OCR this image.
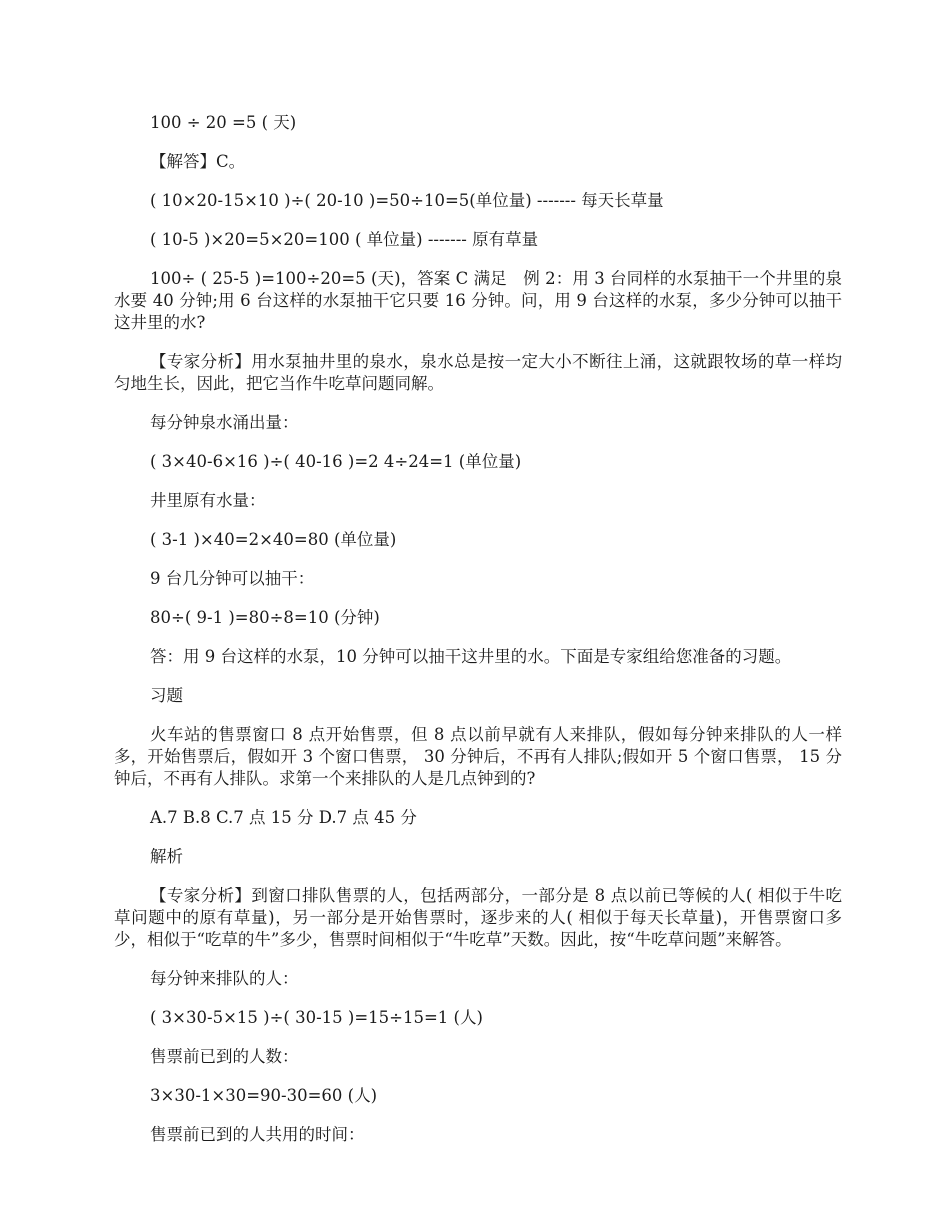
100 ÷ 20 =5 ( 天)

【解答】C。

( 10×20-15×10 )÷( 20-10 )=50÷10=5(单位量) ------- 每天长草量

( 10-5 )×20=5×20=100 ( 单位量) ------- 原有草量

100÷ ( 25-5 )=100÷20=5 (天)，答案 C 满足　例 2：用 3 台同样的水泵抽干一个井里的泉水要 40 分钟;用 6 台这样的水泵抽干它只要 16 分钟。问，用 9 台这样的水泵，多少分钟可以抽干这井里的水?

【专家分析】用水泵抽井里的泉水，泉水总是按一定大小不断往上涌，这就跟牧场的草一样均匀地生长，因此，把它当作牛吃草问题同解。

每分钟泉水涌出量：

( 3×40-6×16 )÷( 40-16 )=2 4÷24=1 (单位量)

井里原有水量：

( 3-1 )×40=2×40=80 (单位量)

9 台几分钟可以抽干：

80÷( 9-1 )=80÷8=10 (分钟)

答：用 9 台这样的水泵，10 分钟可以抽干这井里的水。下面是专家组给您准备的习题。

习题

火车站的售票窗口 8 点开始售票，但 8 点以前早就有人来排队，假如每分钟来排队的人一样多，开始售票后，假如开 3 个窗口售票， 30 分钟后，不再有人排队;假如开 5 个窗口售票， 15 分钟后，不再有人排队。求第一个来排队的人是几点钟到的?

A.7 B.8 C.7 点 15 分 D.7 点 45 分

解析

【专家分析】到窗口排队售票的人，包括两部分，一部分是 8 点以前已等候的人( 相似于牛吃草问题中的原有草量)，另一部分是开始售票时，逐步来的人( 相似于每天长草量)，开售票窗口多少，相似于“吃草的牛”多少，售票时间相似于“牛吃草”天数。因此，按“牛吃草问题”来解答。

每分钟来排队的人：

( 3×30-5×15 )÷( 30-15 )=15÷15=1 (人)

售票前已到的人数：

3×30-1×30=90-30=60 (人)

售票前已到的人共用的时间：
